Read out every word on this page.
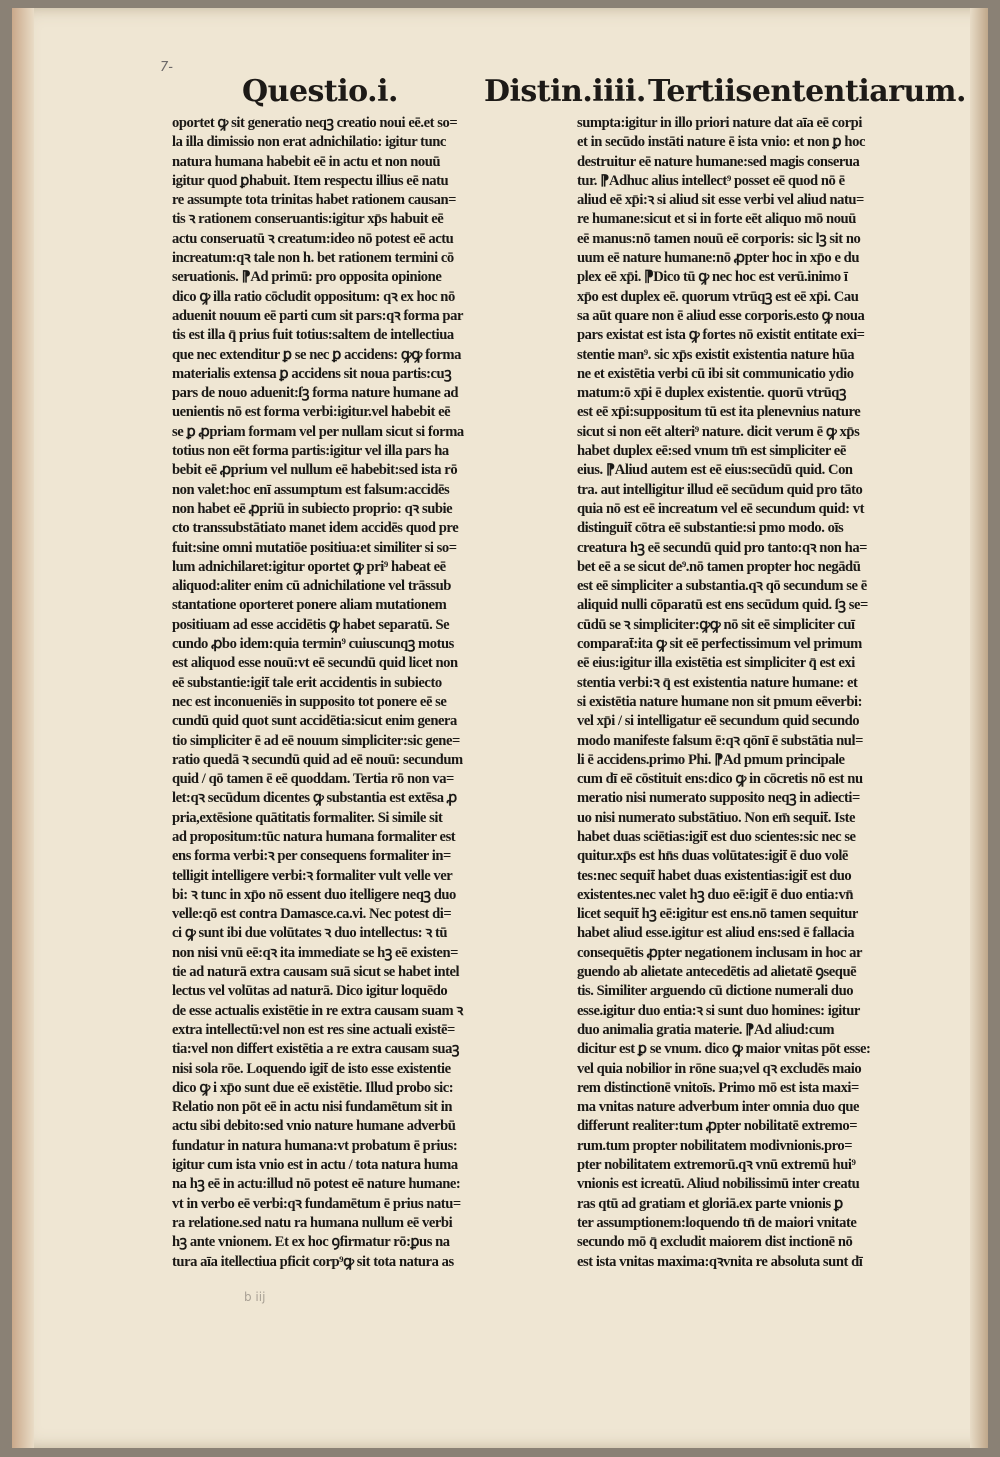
7-
Questio.i.	Distin.iiii. Tertiisententiarum.
oportet ꝙ sit generatio neqꝫ creatio noui eē.et so=
la illa dimissio non erat adnichilatio: igitur tunc
natura humana habebit eē in actu et non nouū
igitur quod ꝑhabuit. Item respectu illius eē natu
re assumpte tota trinitas habet rationem causan=
tis ꝛ rationem conseruantis:igitur xp̄s habuit eē
actu conseruatū ꝛ creatum:ideo nō potest eē actu
increatum:qꝛ tale non h. bet rationem termini cō
seruationis. ⁋Ad primū: pro opposita opinione
dico ꝙ illa ratio cōcludit oppositum: qꝛ ex hoc nō
aduenit nouum eē parti cum sit pars:qꝛ forma par
tis est illa q̄ prius fuit totius:saltem de intellectiua
que nec extenditur ꝑ se nec ꝑ accidens: ꝙꝙ forma
materialis extensa ꝑ accidens sit noua partis:cuꝫ
pars de nouo aduenit:ſꝫ forma nature humane ad
uenientis nō est forma verbi:igitur.vel habebit eē
se ꝑ ꝓpriam formam vel per nullam sicut si forma
totius non eēt forma partis:igitur vel illa pars ha
bebit eē ꝓprium vel nullum eē habebit:sed ista rō
non valet:hoc enī assumptum est falsum:accidēs
non habet eē ꝓpriū in subiecto proprio: qꝛ subie
cto transsubstātiato manet idem accidēs quod pre
fuit:sine omni mutatiōe positiua:et similiter si so=
lum adnichilaret:igitur oportet ꝙ pri⁹ habeat eē
aliquod:aliter enim cū adnichilatione vel trāssub
stantatione oporteret ponere aliam mutationem
positiuam ad esse accidētis ꝙ habet separatū. Se
cundo ꝓbo idem:quia termin⁹ cuiuscunqꝫ motus
est aliquod esse nouū:vt eē secundū quid licet non
eē substantie:igit̄ tale erit accidentis in subiecto
nec est inconueniēs in supposito tot ponere eē se
cundū quid quot sunt accidētia:sicut enim genera
tio simpliciter ē ad eē nouum simpliciter:sic gene=
ratio quedā ꝛ secundū quid ad eē nouū: secundum
quid / qō tamen ē eē quoddam. Tertia rō non va=
let:qꝛ secūdum dicentes ꝙ substantia est extēsa ꝓ
pria,extēsione quātitatis formaliter. Si simile sit
ad propositum:tūc natura humana formaliter est
ens forma verbi:ꝛ per consequens formaliter in=
telligit intelligere verbi:ꝛ formaliter vult velle ver
bi: ꝛ tunc in xp̄o nō essent duo itelligere neqꝫ duo
velle:qō est contra Damasce.ca.vi. Nec potest di=
ci ꝙ sunt ibi due volūtates ꝛ duo intellectus: ꝛ tū
non nisi vnū eē:qꝛ ita immediate se hꝫ eē existen=
tie ad naturā extra causam suā sicut se habet intel
lectus vel volūtas ad naturā. Dico igitur loquēdo
de esse actualis existētie in re extra causam suam ꝛ
extra intellectū:vel non est res sine actuali existē=
tia:vel non differt existētia a re extra causam suaꝫ
nisi sola rōe. Loquendo igit̄ de isto esse existentie
dico ꝙ i xp̄o sunt due eē existētie. Illud probo sic:
Relatio non pōt eē in actu nisi fundamētum sit in
actu sibi debito:sed vnio nature humane adverbū
fundatur in natura humana:vt probatum ē prius:
igitur cum ista vnio est in actu / tota natura huma
na hꝫ eē in actu:illud nō potest eē nature humane:
vt in verbo eē verbi:qꝛ fundamētum ē prius natu=
ra relatione.sed natu ra humana nullum eē verbi
hꝫ ante vnionem. Et ex hoc ꝯfirmatur rō:ꝑus na
tura aīa itellectiua pficit corp⁹ꝙ sit tota natura as
sumpta:igitur in illo priori nature dat aīa eē corpi
et in secūdo instāti nature ē ista vnio: et non ꝑ hoc
destruitur eē nature humane:sed magis conserua
tur. ⁋Adhuc alius intellect⁹ posset eē quod nō ē
aliud eē xp̄i:ꝛ si aliud sit esse verbi vel aliud natu=
re humane:sicut et si in forte eēt aliquo mō nouū
eē manus:nō tamen nouū eē corporis: sic lꝫ sit no
uum eē nature humane:nō ꝓpter hoc in xp̄o e du
plex eē xp̄i. ⁋Dico tū ꝙ nec hoc est verū.inimo ī
xp̄o est duplex eē. quorum vtrūqꝫ est eē xp̄i. Cau
sa aūt quare non ē aliud esse corporis.esto ꝙ noua
pars existat est ista ꝙ fortes nō existit entitate exi=
stentie man⁹. sic xp̄s existit existentia nature hūa
ne et existētia verbi cū ibi sit communicatio ydio
matum:ō xp̄i ē duplex existentie. quorū vtrūqꝫ
est eē xp̄i:suppositum tū est ita plenevnius nature
sicut si non eēt alteri⁹ nature. dicit verum ē ꝙ xp̄s
habet duplex eē:sed vnum tm̄ est simpliciter eē
eius. ⁋Aliud autem est eē eius:secūdū quid. Con
tra. aut intelligitur illud eē secūdum quid pro tāto
quia nō est eē increatum vel eē secundum quid: vt
distinguit̄ cōtra eē substantie:si pmo modo. oīs
creatura hꝫ eē secundū quid pro tanto:qꝛ non ha=
bet eē a se sicut de⁹.nō tamen propter hoc negādū
est eē simpliciter a substantia.qꝛ qō secundum se ē
aliquid nulli cōparatū est ens secūdum quid. ſꝫ se=
cūdū se ꝛ simpliciter:ꝙꝙ nō sit eē simpliciter cuī
comparat̄:ita ꝙ sit eē perfectissimum vel primum
eē eius:igitur illa existētia est simpliciter q̄ est exi
stentia verbi:ꝛ q̄ est existentia nature humane: et
si existētia nature humane non sit pmum eēverbi:
vel xp̄i / si intelligatur eē secundum quid secundo
modo manifeste falsum ē:qꝛ qōnī ē substātia nul=
li ē accidens.primo Phi. ⁋Ad pmum principale
cum dī eē cōstituit ens:dico ꝙ in cōcretis nō est nu
meratio nisi numerato supposito neqꝫ in adiecti=
uo nisi numerato substātiuo. Non em̄ sequit̄. Iste
habet duas sciētias:igit̄ est duo scientes:sic nec se
quitur.xp̄s est hn̄s duas volūtates:igit̄ ē duo volē
tes:nec sequit̄ habet duas existentias:igit̄ est duo
existentes.nec valet hꝫ duo eē:igit̄ ē duo entia:vn̄
licet sequit̄ hꝫ eē:igitur est ens.nō tamen sequitur
habet aliud esse.igitur est aliud ens:sed ē fallacia
consequētis ꝓpter negationem inclusam in hoc ar
guendo ab alietate antecedētis ad alietatē ꝯsequē
tis. Similiter arguendo cū dictione numerali duo
esse.igitur duo entia:ꝛ si sunt duo homines: igitur
duo animalia gratia materie. ⁋Ad aliud:cum
dicitur est ꝑ se vnum. dico ꝙ maior vnitas pōt esse:
vel quia nobilior in rōne sua;vel qꝛ excludēs maio
rem distinctionē vnitoīs. Primo mō est ista maxi=
ma vnitas nature adverbum inter omnia duo que
differunt realiter:tum ꝓpter nobilitatē extremo=
rum.tum propter nobilitatem modivnionis.pro=
pter nobilitatem extremorū.qꝛ vnū extremū hui⁹
vnionis est icreatū. Aliud nobilissimū inter creatu
ras qtū ad gratiam et gloriā.ex parte vnionis ꝑ
ter assumptionem:loquendo tn̄ de maiori vnitate
secundo mō q̄ excludit maiorem dist inctionē nō
est ista vnitas maxima:qꝛvnita re absoluta sunt dī
b iij
